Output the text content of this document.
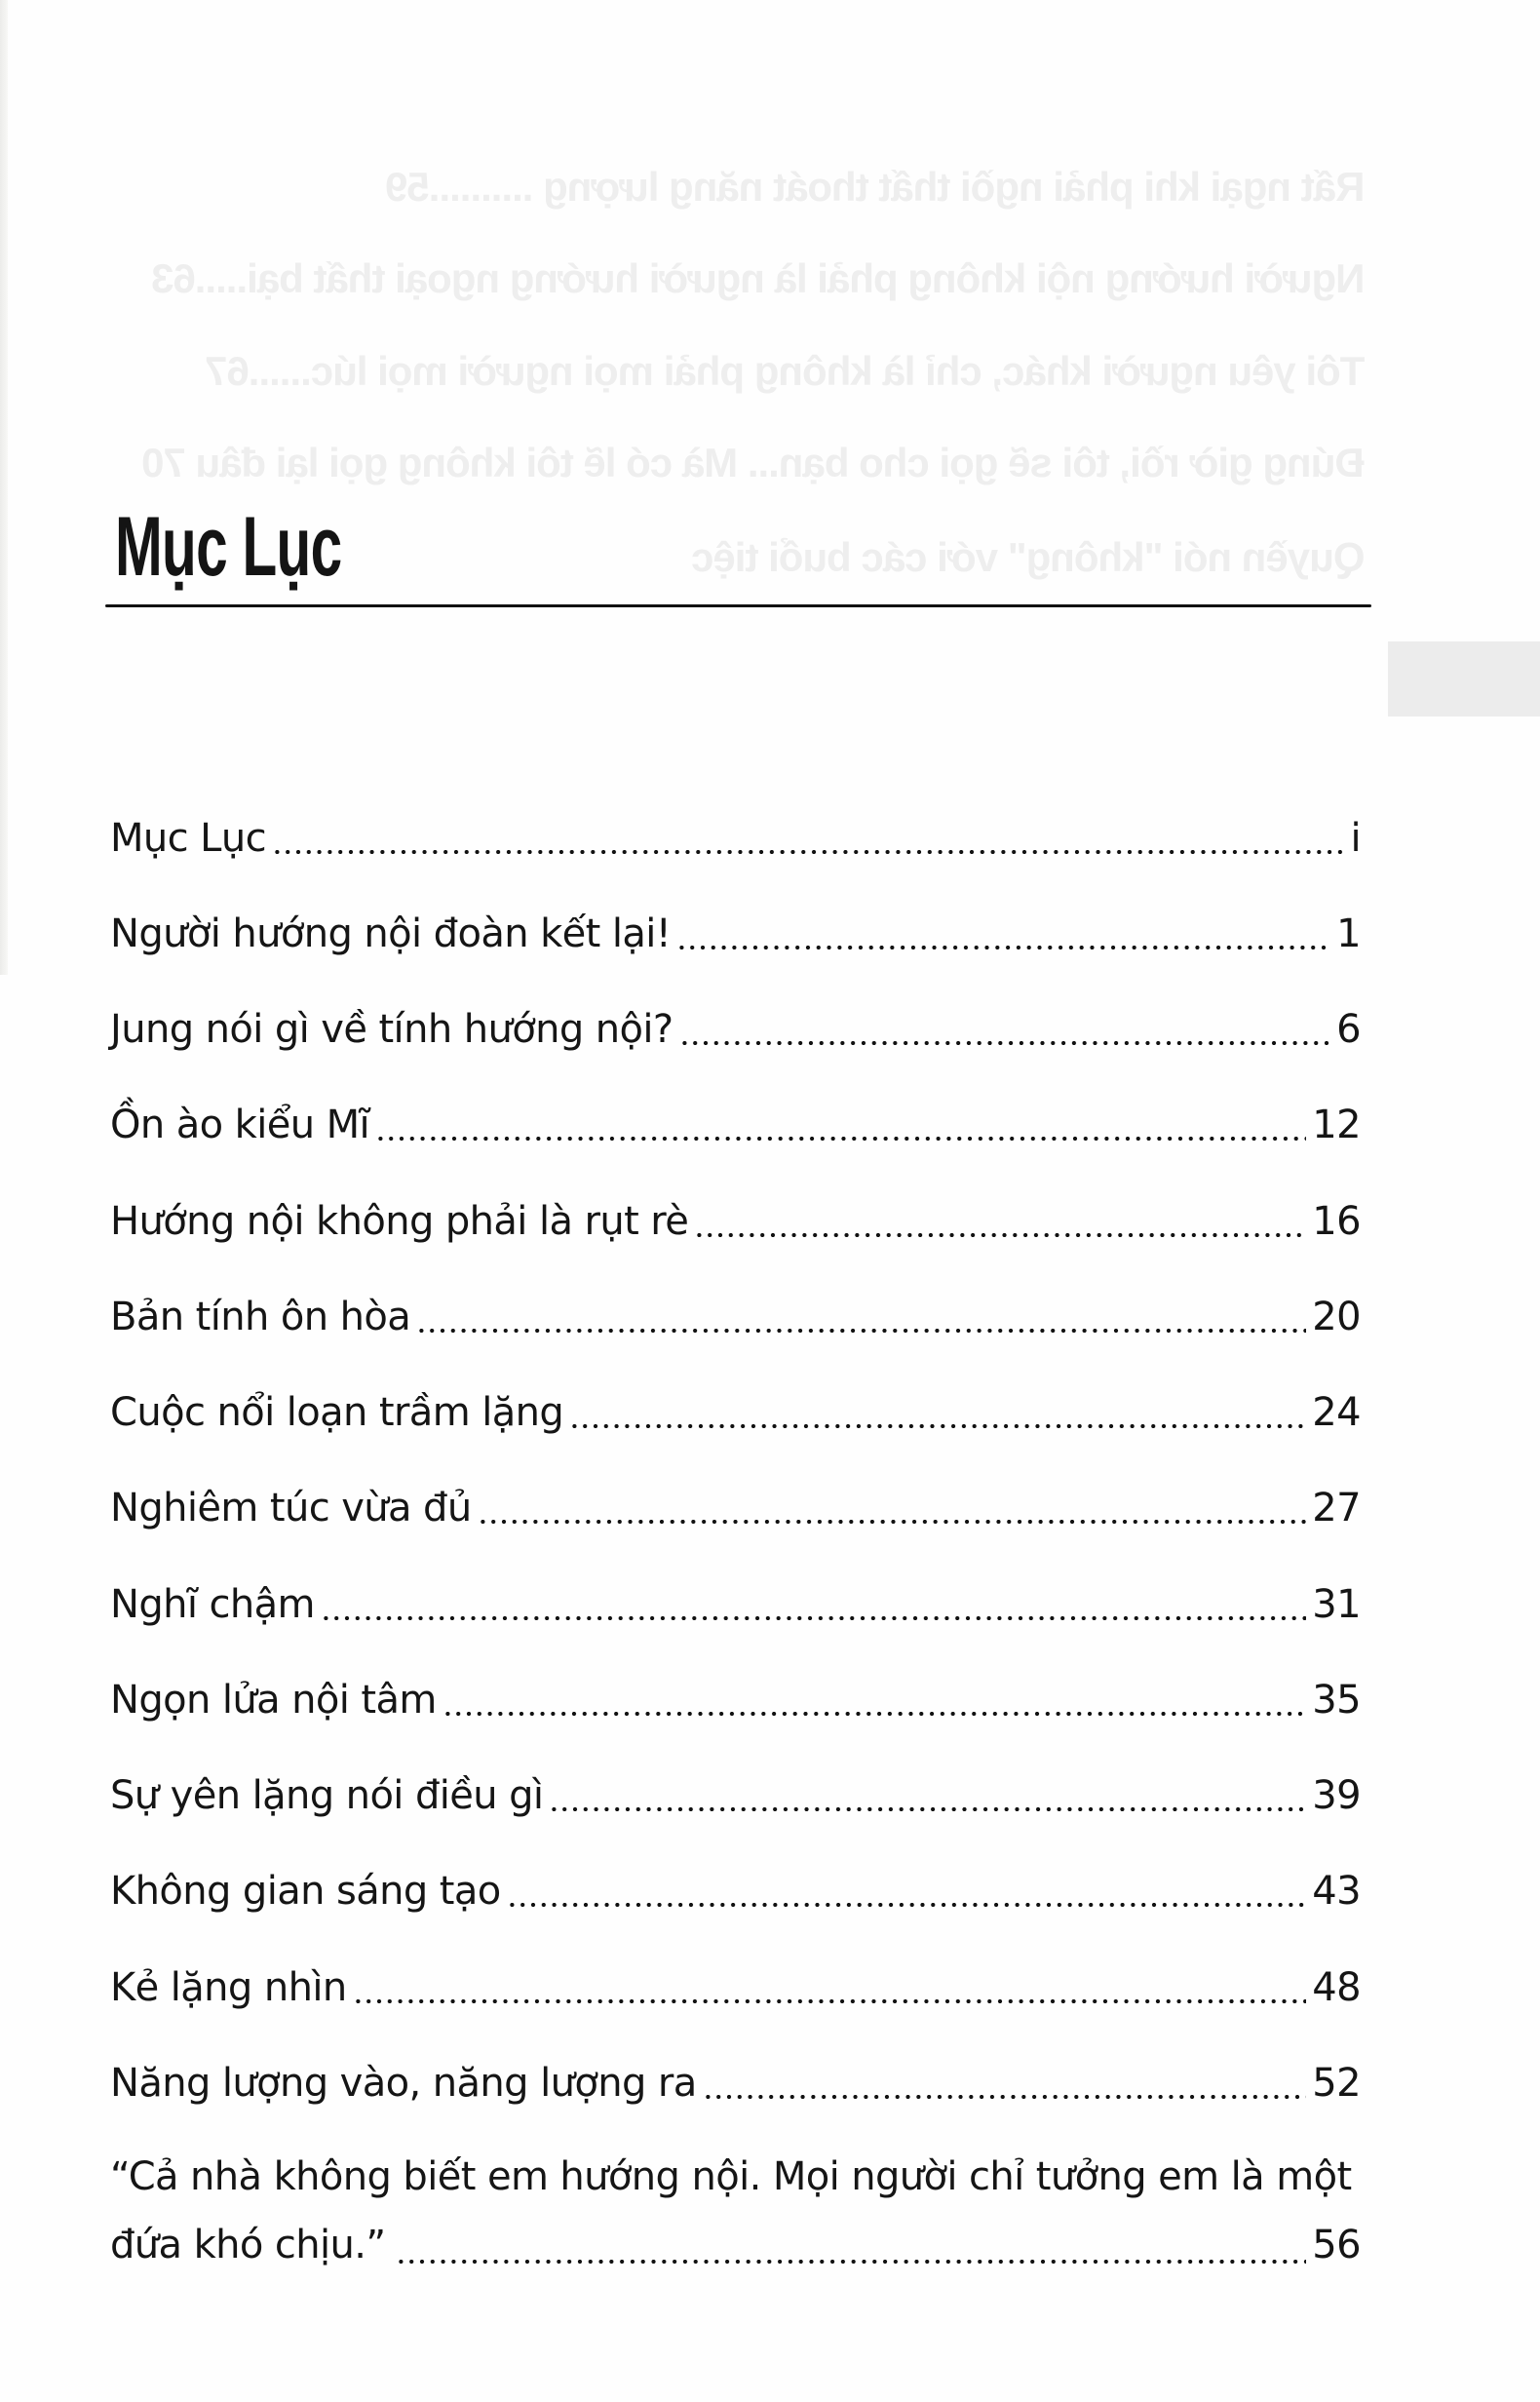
Rất ngại khi phải ngồi thất thoát năng lượng ..........59
Người hướng nội không phải là người hướng ngoại thất bại.....63
Tôi yêu người khác, chỉ là không phải mọi người mọi lúc......67
Đúng giờ rồi, tôi sẽ gọi cho bạn... Mà có lẽ tôi không gọi lại đâu 70
Quyền nói "không" với các buổi tiệc
Mục Lục
Mục Lục	i
Người hướng nội đoàn kết lại!	1
Jung nói gì về tính hướng nội?	6
Ồn ào kiểu Mĩ	12
Hướng nội không phải là rụt rè	16
Bản tính ôn hòa	20
Cuộc nổi loạn trầm lặng	24
Nghiêm túc vừa đủ	27
Nghĩ chậm	31
Ngọn lửa nội tâm	35
Sự yên lặng nói điều gì	39
Không gian sáng tạo	43
Kẻ lặng nhìn	48
Năng lượng vào, năng lượng ra	52
“Cả nhà không biết em hướng nội. Mọi người chỉ tưởng em là một
đứa khó chịu.”	56
